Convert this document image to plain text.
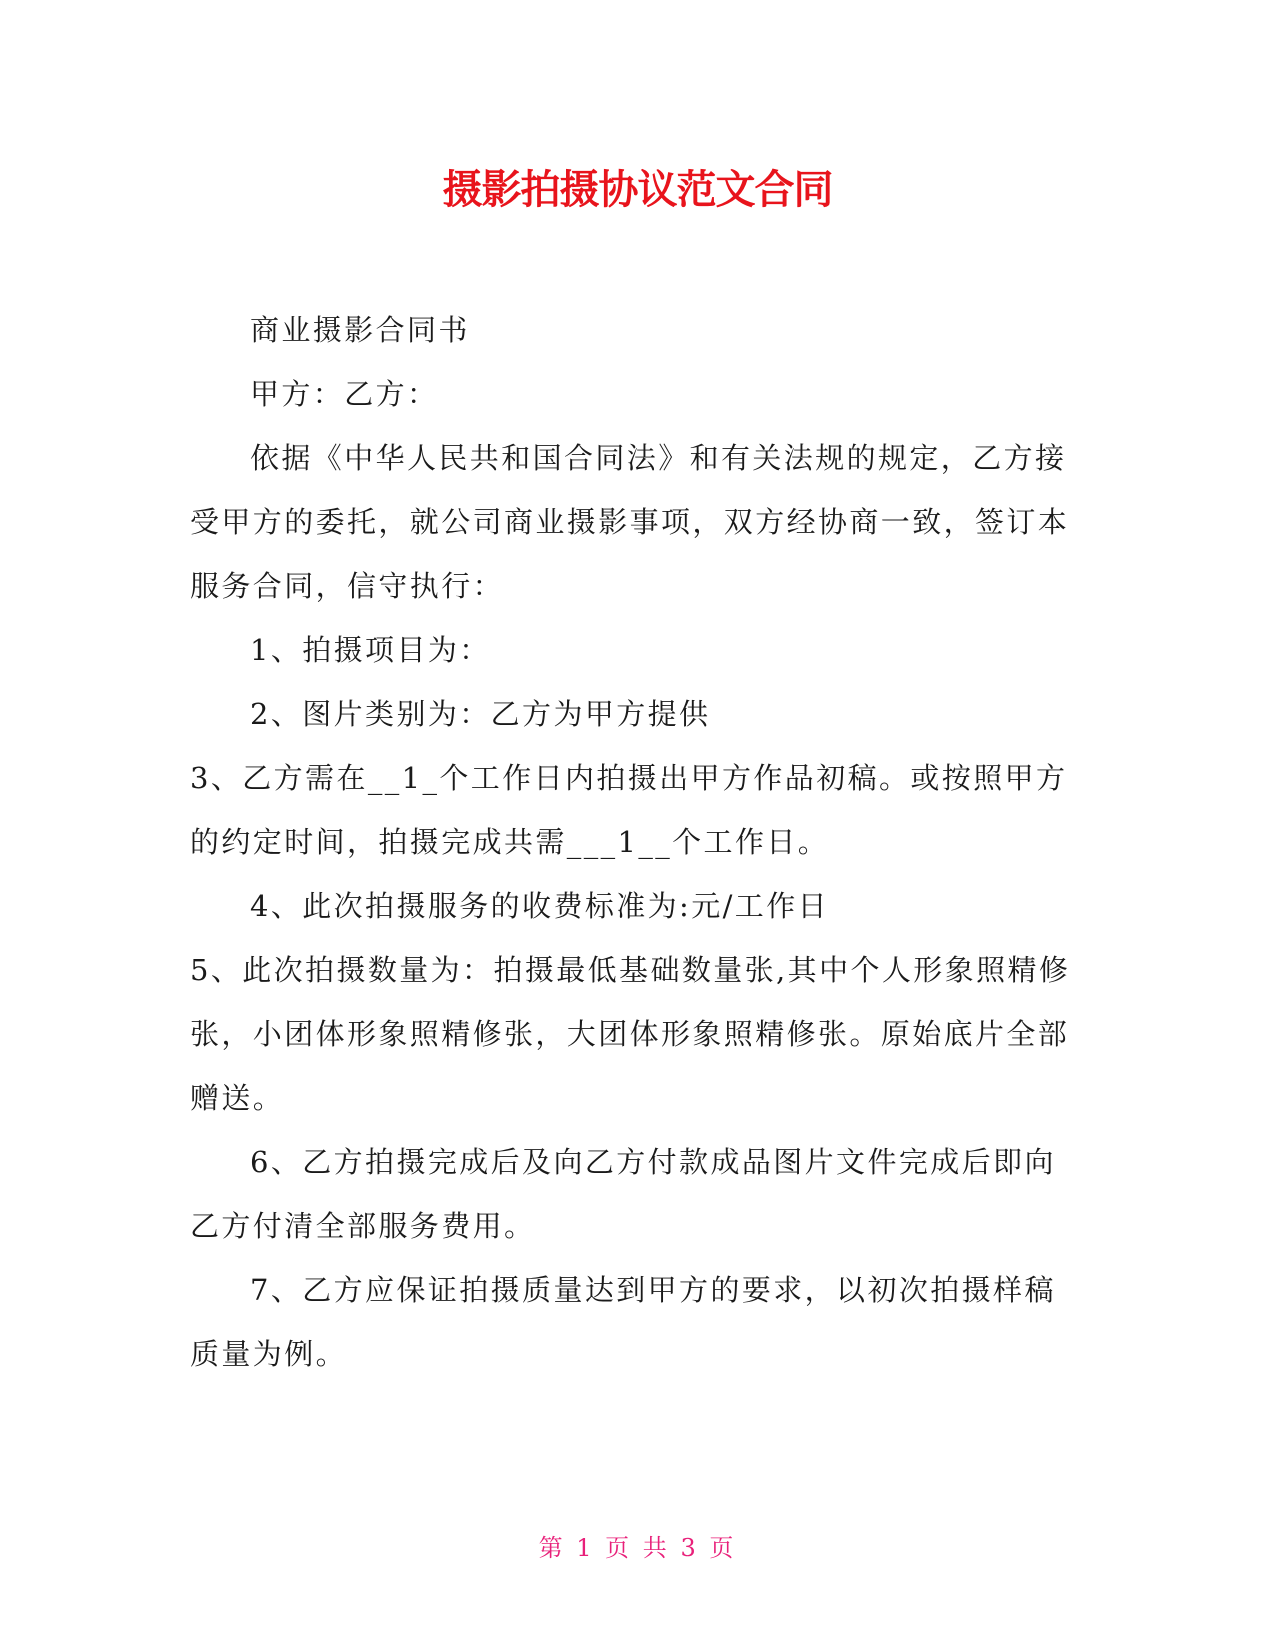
摄影拍摄协议范文合同

商业摄影合同书

甲方：乙方：

依据《中华人民共和国合同法》和有关法规的规定，乙方接受甲方的委托，就公司商业摄影事项，双方经协商一致，签订本服务合同，信守执行：

1、拍摄项目为：

2、图片类别为：乙方为甲方提供

3、乙方需在__1_个工作日内拍摄出甲方作品初稿。或按照甲方的约定时间，拍摄完成共需___1__个工作日。

4、此次拍摄服务的收费标准为:元/工作日

5、此次拍摄数量为：拍摄最低基础数量张,其中个人形象照精修张，小团体形象照精修张，大团体形象照精修张。原始底片全部赠送。

6、乙方拍摄完成后及向乙方付款成品图片文件完成后即向乙方付清全部服务费用。

7、乙方应保证拍摄质量达到甲方的要求，以初次拍摄样稿质量为例。

第 1 页 共 3 页
